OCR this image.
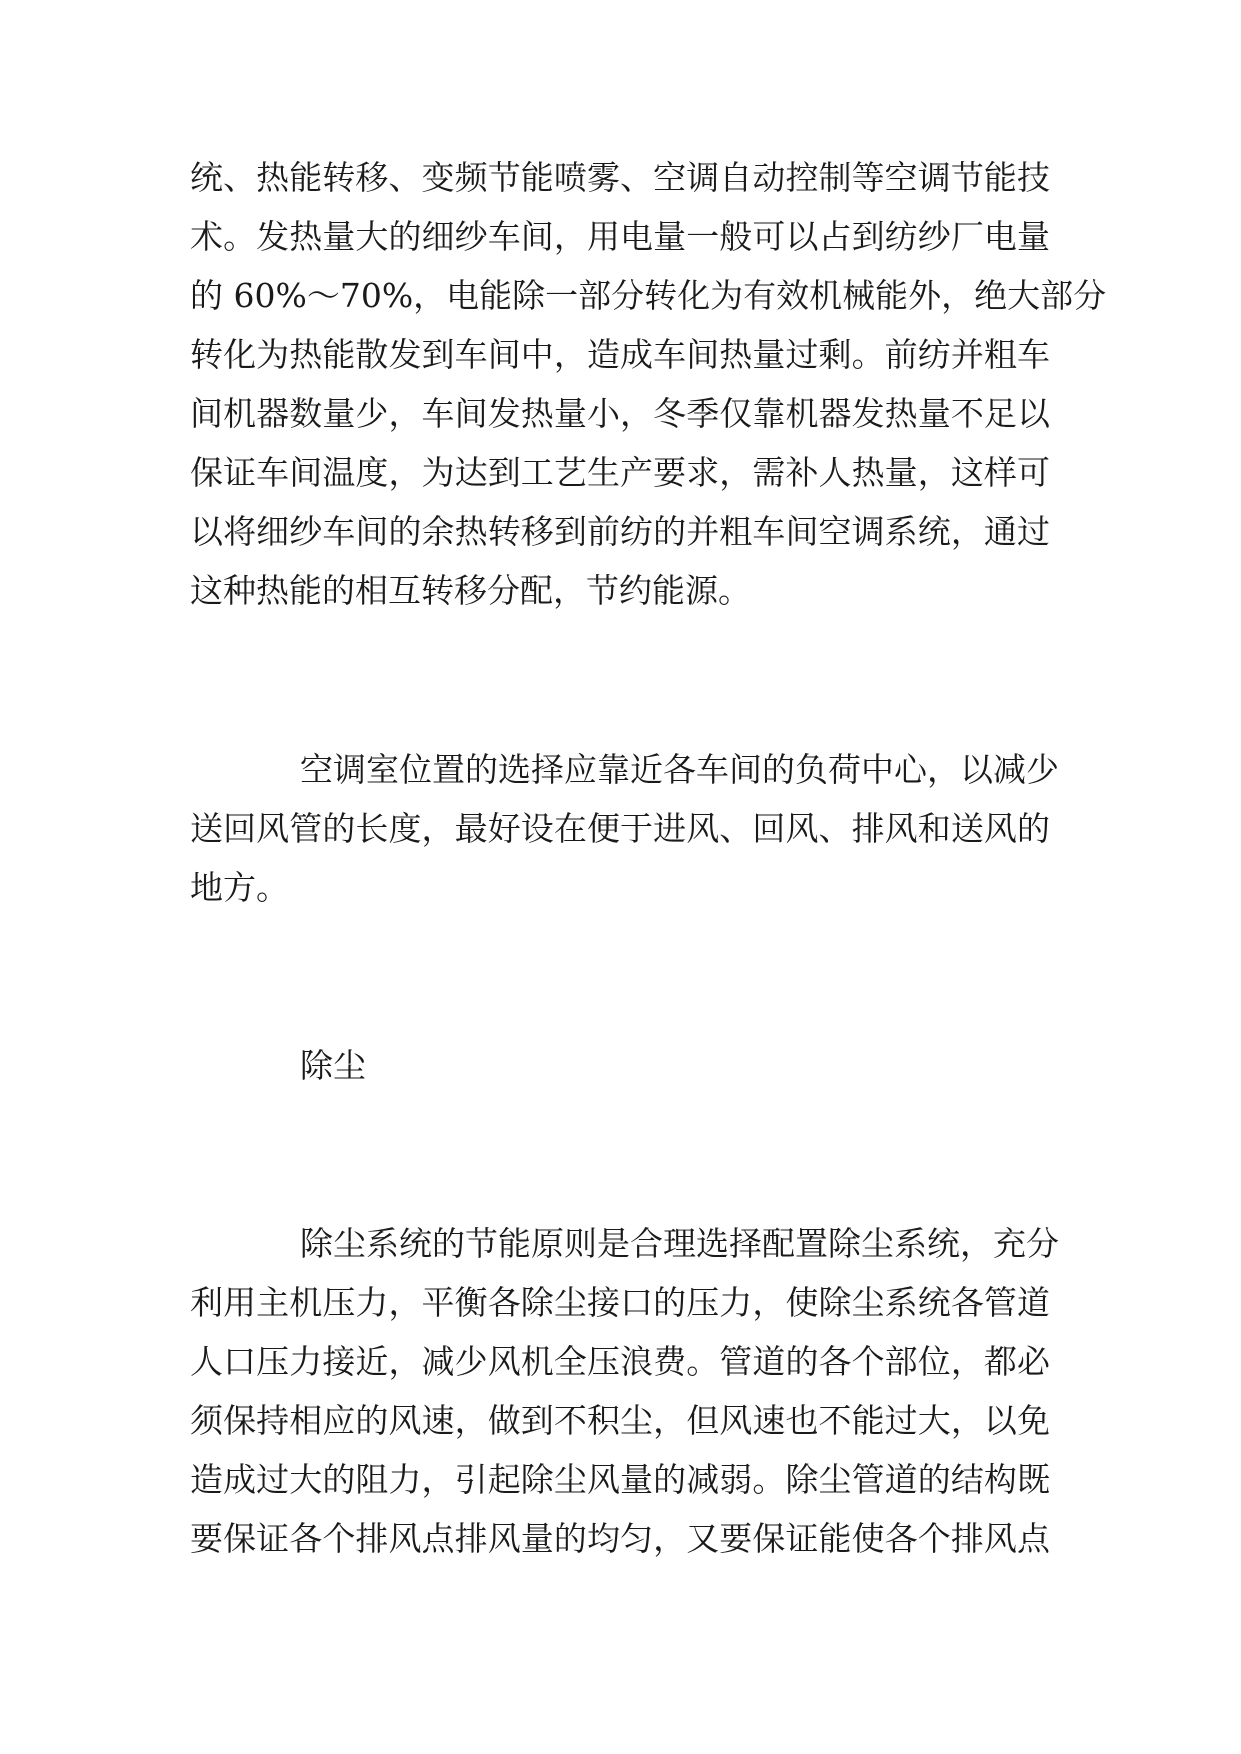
统、热能转移、变频节能喷雾、空调自动控制等空调节能技

术。发热量大的细纱车间，用电量一般可以占到纺纱厂电量

的 60%～70%，电能除一部分转化为有效机械能外，绝大部分

转化为热能散发到车间中，造成车间热量过剩。前纺并粗车

间机器数量少，车间发热量小，冬季仅靠机器发热量不足以

保证车间温度，为达到工艺生产要求，需补人热量，这样可

以将细纱车间的余热转移到前纺的并粗车间空调系统，通过

这种热能的相互转移分配，节约能源。

空调室位置的选择应靠近各车间的负荷中心，以减少

送回风管的长度，最好设在便于进风、回风、排风和送风的

地方。

除尘

除尘系统的节能原则是合理选择配置除尘系统，充分

利用主机压力，平衡各除尘接口的压力，使除尘系统各管道

人口压力接近，减少风机全压浪费。管道的各个部位，都必

须保持相应的风速，做到不积尘，但风速也不能过大，以免

造成过大的阻力，引起除尘风量的减弱。除尘管道的结构既

要保证各个排风点排风量的均匀，又要保证能使各个排风点
